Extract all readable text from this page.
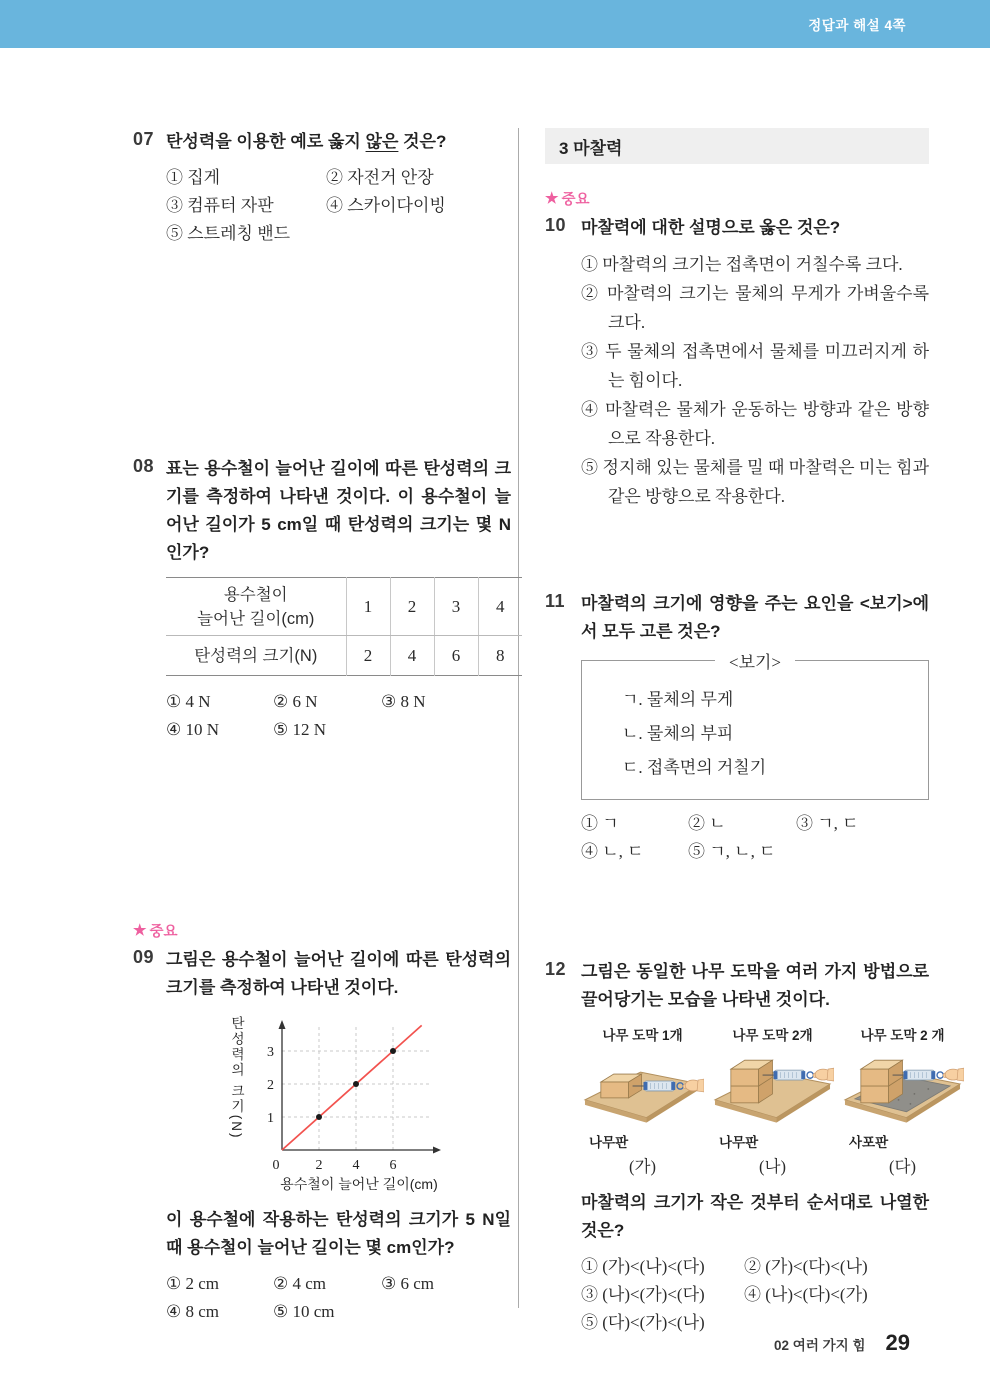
정답과 해설 4쪽
07 탄성력을 이용한 예로 옳지 않은 것은?
① 집게	② 자전거 안장
③ 컴퓨터 자판	④ 스카이다이빙
⑤ 스트레칭 밴드
08 표는 용수철이 늘어난 길이에 따른 탄성력의 크기를 측정하여 나타낸 것이다. 이 용수철이 늘어난 길이가 5 cm일 때 탄성력의 크기는 몇 N인가?
용수철이
늘어난 길이(cm)	1	2	3	4
탄성력의 크기(N)	2	4	6	8
① 4 N	② 6 N	③ 8 N
④ 10 N	⑤ 12 N
★ 중요
09 그림은 용수철이 늘어난 길이에 따른 탄성력의 크기를 측정하여 나타낸 것이다.
탄성력의 크기(N) 1
2
3
0	2 4 6
용수철이 늘어난 길이(cm)
이 용수철에 작용하는 탄성력의 크기가 5 N일 때 용수철이 늘어난 길이는 몇 cm인가?
① 2 cm	② 4 cm	③ 6 cm
④ 8 cm	⑤ 10 cm
3 마찰력
★ 중요
10 마찰력에 대한 설명으로 옳은 것은?
① 마찰력의 크기는 접촉면이 거칠수록 크다.
② 마찰력의 크기는 물체의 무게가 가벼울수록 크다.
③ 두 물체의 접촉면에서 물체를 미끄러지게 하는 힘이다.
④ 마찰력은 물체가 운동하는 방향과 같은 방향으로 작용한다.
⑤ 정지해 있는 물체를 밀 때 마찰력은 미는 힘과 같은 방향으로 작용한다.
11 마찰력의 크기에 영향을 주는 요인을 <보기>에서 모두 고른 것은?
<보기>
ㄱ. 물체의 무게
ㄴ. 물체의 부피
ㄷ. 접촉면의 거칠기
① ㄱ	② ㄴ	③ ㄱ, ㄷ
④ ㄴ, ㄷ	⑤ ㄱ, ㄴ, ㄷ
12 그림은 동일한 나무 도막을 여러 가지 방법으로 끌어당기는 모습을 나타낸 것이다.
나무 도막 1개
나무판
(가)
나무 도막 2개
나무판
(나)
나무 도막 2 개
사포판
(다)
마찰력의 크기가 작은 것부터 순서대로 나열한 것은?
① (가)<(나)<(다)	② (가)<(다)<(나)
③ (나)<(가)<(다)	④ (나)<(다)<(가)
⑤ (다)<(가)<(나)
02 여러 가지 힘 29
